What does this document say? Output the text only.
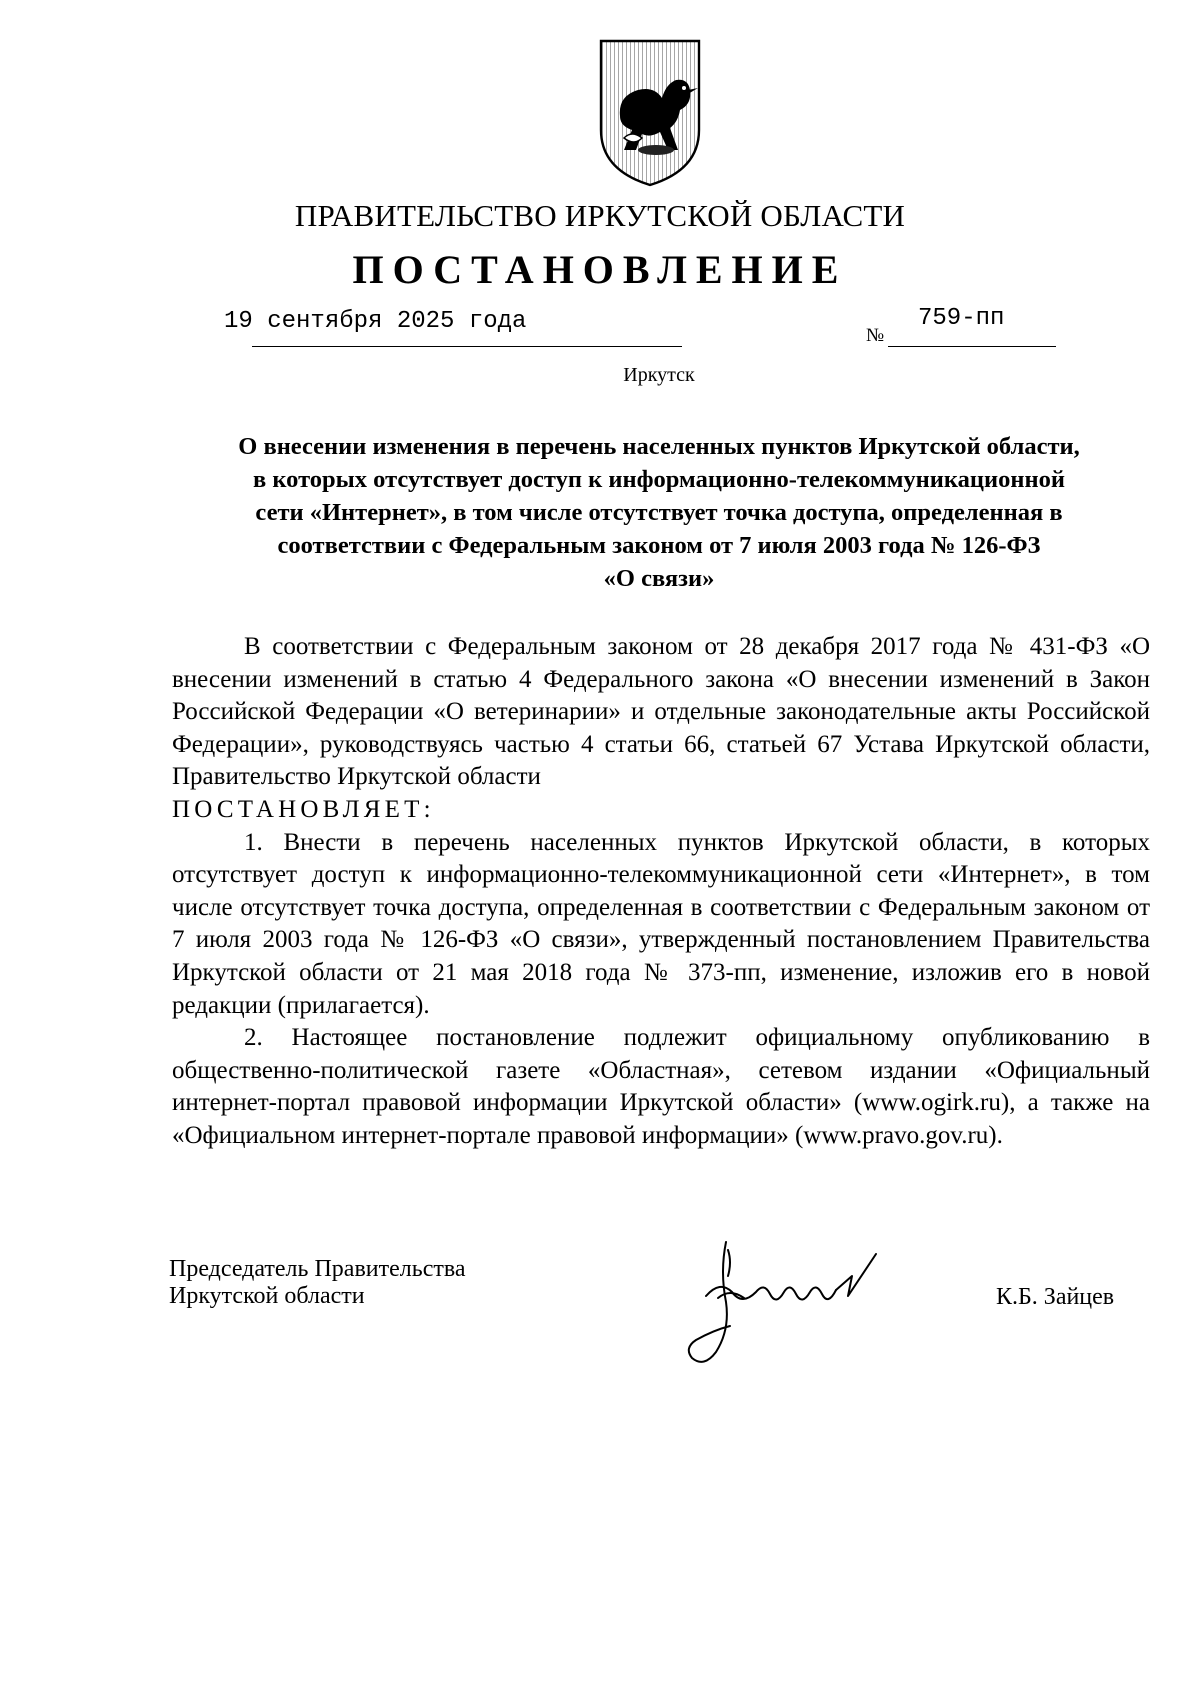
ПРАВИТЕЛЬСТВО ИРКУТСКОЙ ОБЛАСТИ
ПОСТАНОВЛЕНИЕ
19 сентября 2025 года
№
759-пп
Иркутск
О внесении изменения в перечень населенных пунктов Иркутской области,
в которых отсутствует доступ к информационно-телекоммуникационной
сети «Интернет», в том числе отсутствует точка доступа, определенная в
соответствии с Федеральным законом от 7 июля 2003 года № 126-ФЗ
«О связи»

В соответствии с Федеральным законом от 28 декабря 2017 года № 431-ФЗ «О внесении изменений в статью 4 Федерального закона «О внесении изменений в Закон Российской Федерации «О ветеринарии» и отдельные законодательные акты Российской Федерации», руководствуясь частью 4 статьи 66, статьей 67 Устава Иркутской области, Правительство Иркутской области

ПОСТАНОВЛЯЕТ:

1. Внести в перечень населенных пунктов Иркутской области, в которых отсутствует доступ к информационно-телекоммуникационной сети «Интернет», в том числе отсутствует точка доступа, определенная в соответствии с Федеральным законом от 7 июля 2003 года № 126-ФЗ «О связи», утвержденный постановлением Правительства Иркутской области от 21 мая 2018 года № 373-пп, изменение, изложив его в новой редакции (прилагается).

2. Настоящее постановление подлежит официальному опубликованию в общественно-политической газете «Областная», сетевом издании «Официальный интернет-портал правовой информации Иркутской области» (www.ogirk.ru), а также на «Официальном интернет-портале правовой информации» (www.pravo.gov.ru).

Председатель Правительства
Иркутской области	К.Б. Зайцев
